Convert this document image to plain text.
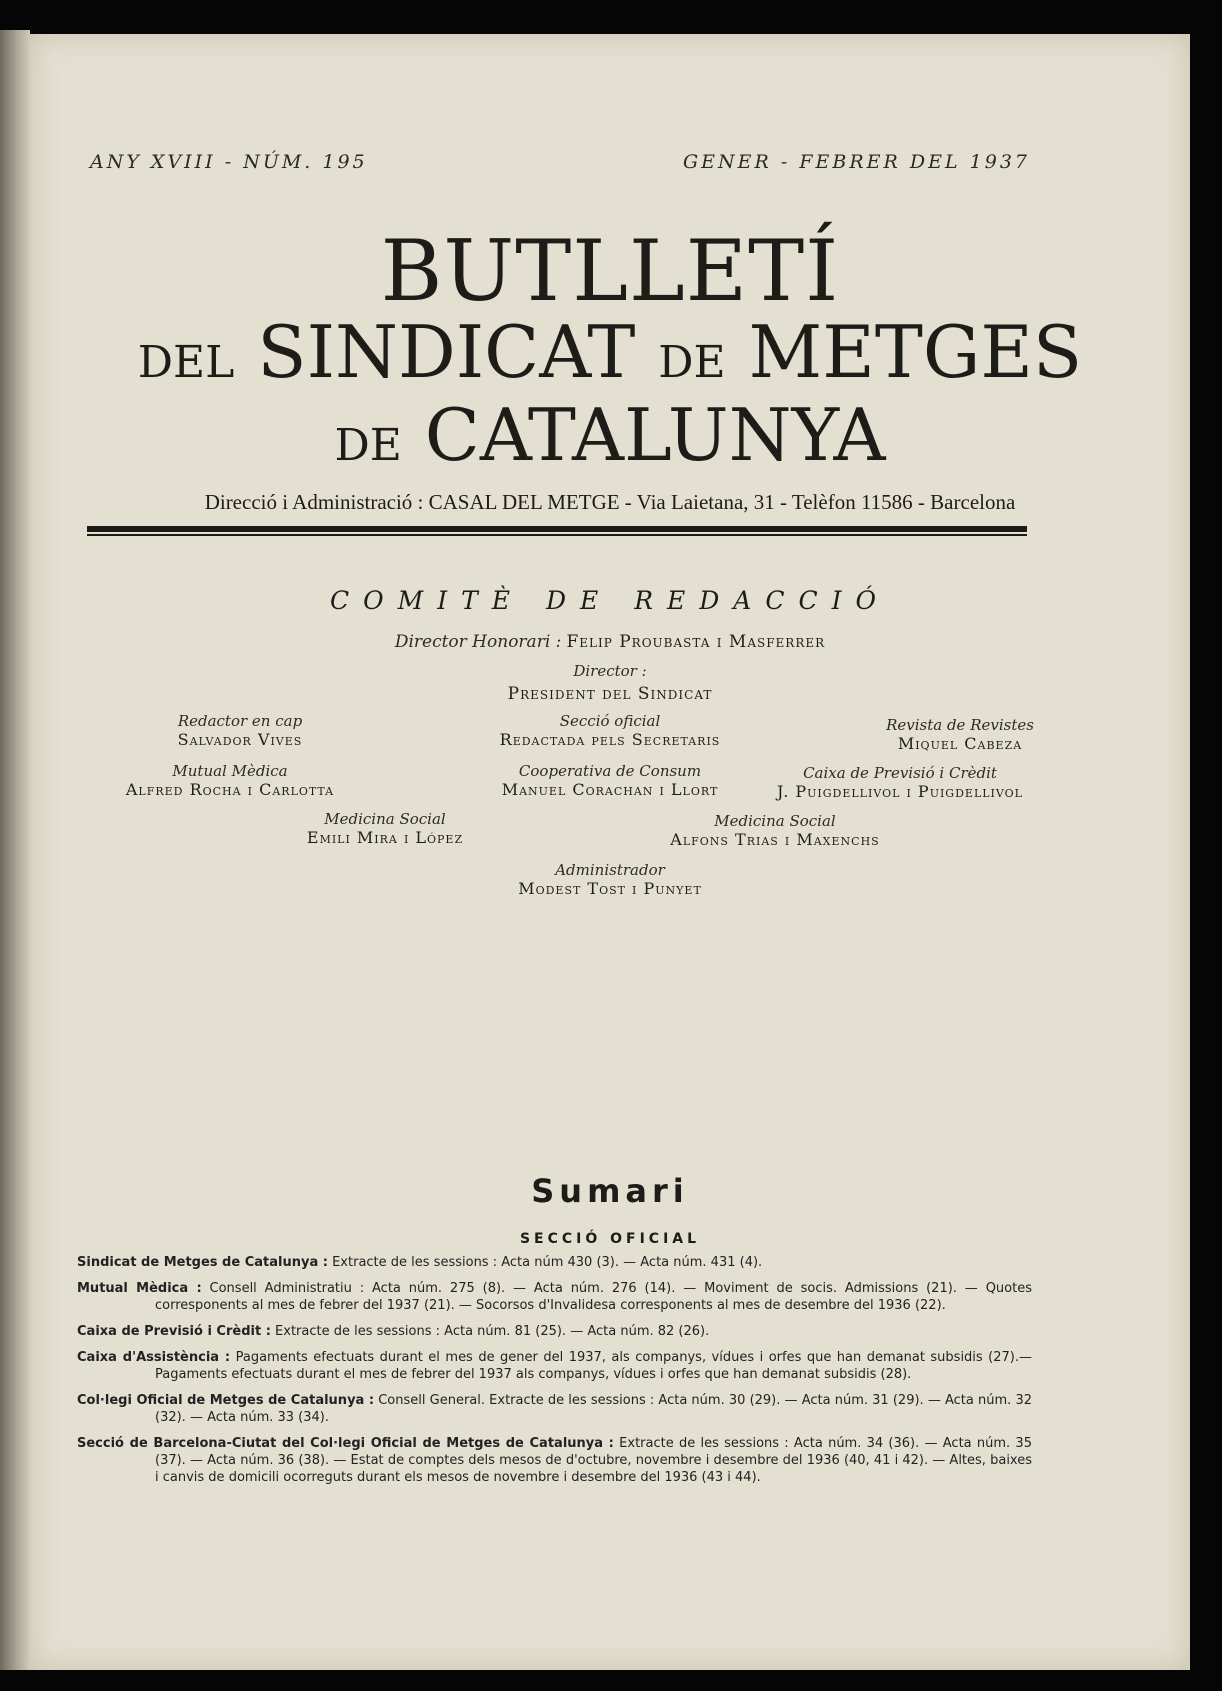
ANY XVIII - NÚM. 195	GENER - FEBRER DEL 1937
BUTLLETÍ
DEL SINDICAT DE METGES
DE CATALUNYA
Direcció i Administració : CASAL DEL METGE - Via Laietana, 31 - Telèfon 11586 - Barcelona
COMITÈ DE REDACCIÓ
Director Honorari : Felip Proubasta i Masferrer
Director :
President del Sindicat
Redactor en cap
Salvador Vives
Secció oficial
Redactada pels Secretaris
Revista de Revistes
Miquel Cabeza
Mutual Mèdica
Alfred Rocha i Carlotta
Cooperativa de Consum
Manuel Corachan i Llort
Caixa de Previsió i Crèdit
J. Puigdellivol i Puigdellivol
Medicina Social
Emili Mira i López
Medicina Social
Alfons Trias i Maxenchs
Administrador
Modest Tost i Punyet
Sumari
SECCIÓ OFICIAL
Sindicat de Metges de Catalunya : Extracte de les sessions : Acta núm 430 (3). — Acta núm. 431 (4).
Mutual Mèdica : Consell Administratiu : Acta núm. 275 (8). — Acta núm. 276 (14). — Moviment de socis. Admissions (21). — Quotes corresponents al mes de febrer del 1937 (21). — Socorsos d'Invalidesa corresponents al mes de desembre del 1936 (22).
Caixa de Previsió i Crèdit : Extracte de les sessions : Acta núm. 81 (25). — Acta núm. 82 (26).
Caixa d'Assistència : Pagaments efectuats durant el mes de gener del 1937, als companys, vídues i orfes que han demanat subsidis (27).—Pagaments efectuats durant el mes de febrer del 1937 als companys, vídues i orfes que han demanat subsidis (28).
Col·legi Oficial de Metges de Catalunya : Consell General. Extracte de les sessions : Acta núm. 30 (29). — Acta núm. 31 (29). — Acta núm. 32 (32). — Acta núm. 33 (34).
Secció de Barcelona-Ciutat del Col·legi Oficial de Metges de Catalunya : Extracte de les sessions : Acta núm. 34 (36). — Acta núm. 35 (37). — Acta núm. 36 (38). — Estat de comptes dels mesos de d'octubre, novembre i desembre del 1936 (40, 41 i 42). — Altes, baixes i canvis de domicili ocorreguts durant els mesos de novembre i desembre del 1936 (43 i 44).
